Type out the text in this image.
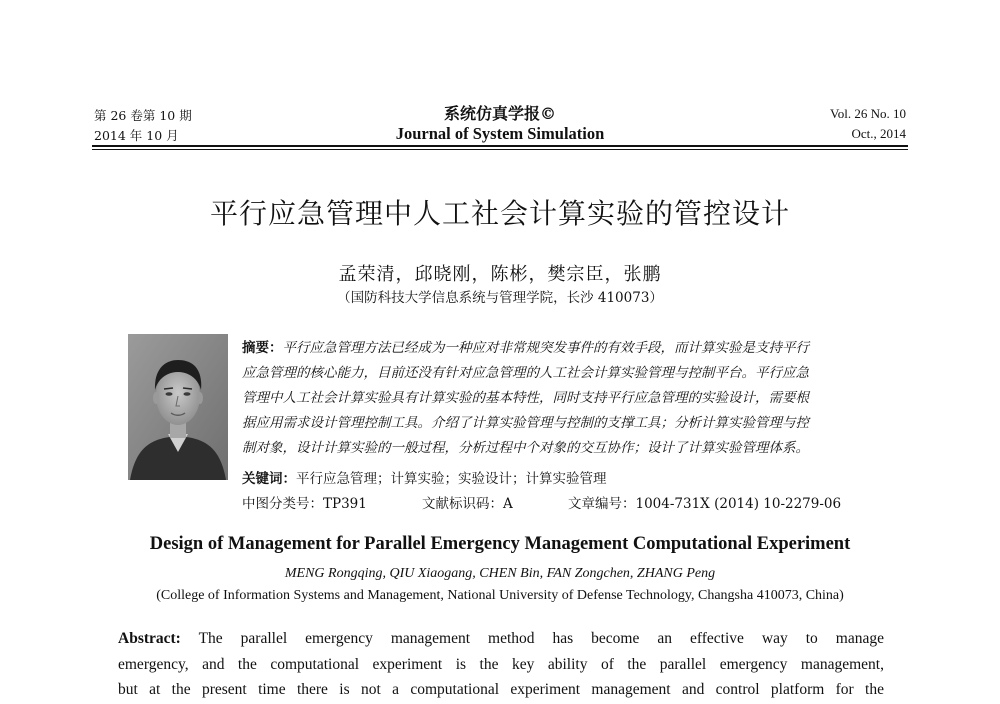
第 26 卷第 10 期
2014 年 10 月
系统仿真学报©
Journal of System Simulation
Vol. 26 No. 10
Oct., 2014
平行应急管理中人工社会计算实验的管控设计
孟荣清，邱晓刚，陈彬，樊宗臣，张鹏
（国防科技大学信息系统与管理学院，长沙 410073）
摘要：平行应急管理方法已经成为一种应对非常规突发事件的有效手段，而计算实验是支持平行
应急管理的核心能力，目前还没有针对应急管理的人工社会计算实验管理与控制平台。平行应急
管理中人工社会计算实验具有计算实验的基本特性，同时支持平行应急管理的实验设计，需要根
据应用需求设计管理控制工具。介绍了计算实验管理与控制的支撑工具；分析计算实验管理与控
制对象，设计计算实验的一般过程，分析过程中个对象的交互协作；设计了计算实验管理体系。
关键词：平行应急管理；计算实验；实验设计；计算实验管理
中图分类号：TP391	文献标识码：A	文章编号：1004-731X (2014) 10-2279-06
Design of Management for Parallel Emergency Management Computational Experiment
MENG Rongqing, QIU Xiaogang, CHEN Bin, FAN Zongchen, ZHANG Peng
(College of Information Systems and Management, National University of Defense Technology, Changsha 410073, China)
Abstract: The parallel emergency management method has become an effective way to manage
emergency, and the computational experiment is the key ability of the parallel emergency management,
but at the present time there is not a computational experiment management and control platform for the
